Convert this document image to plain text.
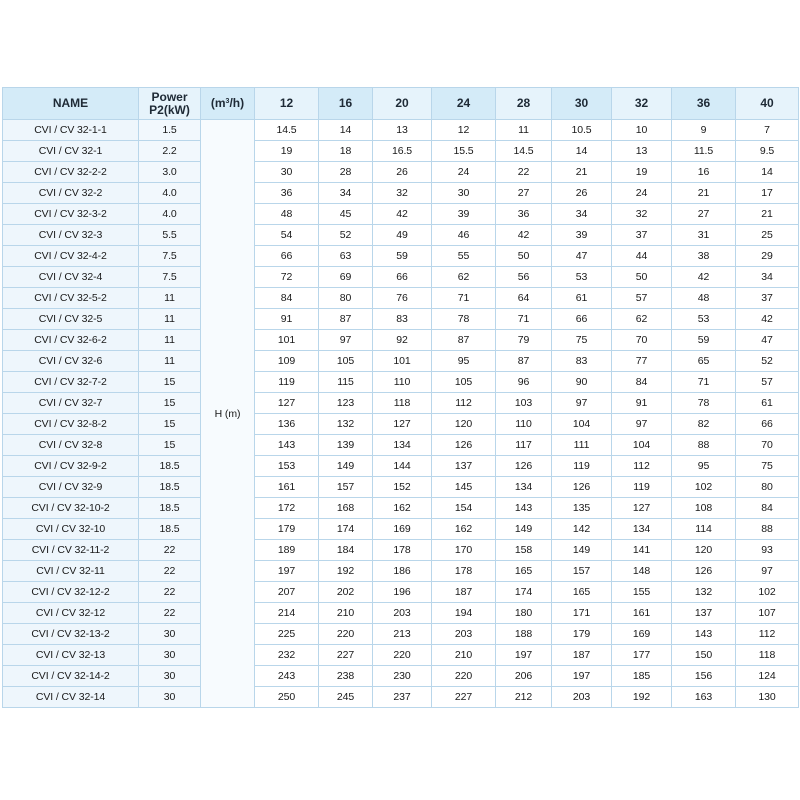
NAME	Power
P2(kW)	$(m^3/h)$	12	16	20	24	28	30	32	36	40
CVI / CV 32-1-1	1.5	H (m)	14.5	14	13	12	11	10.5	10	9	7
CVI / CV 32-1	2.2		19	18	16.5	15.5	14.5	14	13	11.5	9.5
CVI / CV 32-2-2	3.0		30	28	26	24	22	21	19	16	14
CVI / CV 32-2	4.0		36	34	32	30	27	26	24	21	17
CVI / CV 32-3-2	4.0		48	45	42	39	36	34	32	27	21
CVI / CV 32-3	5.5		54	52	49	46	42	39	37	31	25
CVI / CV 32-4-2	7.5		66	63	59	55	50	47	44	38	29
CVI / CV 32-4	7.5		72	69	66	62	56	53	50	42	34
CVI / CV 32-5-2	11		84	80	76	71	64	61	57	48	37
CVI / CV 32-5	11		91	87	83	78	71	66	62	53	42
CVI / CV 32-6-2	11		101	97	92	87	79	75	70	59	47
CVI / CV 32-6	11		109	105	101	95	87	83	77	65	52
CVI / CV 32-7-2	15		119	115	110	105	96	90	84	71	57
CVI / CV 32-7	15		127	123	118	112	103	97	91	78	61
CVI / CV 32-8-2	15		136	132	127	120	110	104	97	82	66
CVI / CV 32-8	15		143	139	134	126	117	111	104	88	70
CVI / CV 32-9-2	18.5		153	149	144	137	126	119	112	95	75
CVI / CV 32-9	18.5		161	157	152	145	134	126	119	102	80
CVI / CV 32-10-2	18.5		172	168	162	154	143	135	127	108	84
CVI / CV 32-10	18.5		179	174	169	162	149	142	134	114	88
CVI / CV 32-11-2	22		189	184	178	170	158	149	141	120	93
CVI / CV 32-11	22		197	192	186	178	165	157	148	126	97
CVI / CV 32-12-2	22		207	202	196	187	174	165	155	132	102
CVI / CV 32-12	22		214	210	203	194	180	171	161	137	107
CVI / CV 32-13-2	30		225	220	213	203	188	179	169	143	112
CVI / CV 32-13	30		232	227	220	210	197	187	177	150	118
CVI / CV 32-14-2	30		243	238	230	220	206	197	185	156	124
CVI / CV 32-14	30		250	245	237	227	212	203	192	163	130
